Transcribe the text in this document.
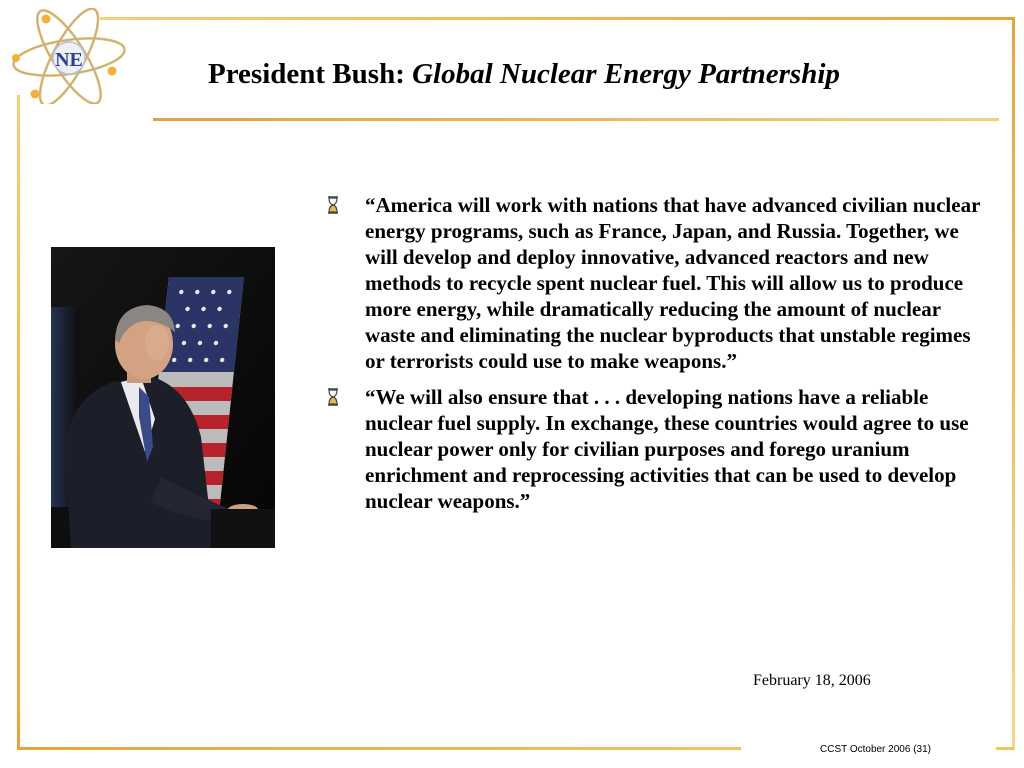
NE	President Bush: Global Nuclear Energy Partnership
“America will work with nations that have advanced civilian nuclear energy programs, such as France, Japan, and Russia. Together, we will develop and deploy innovative, advanced reactors and new methods to recycle spent nuclear fuel. This will allow us to produce more energy, while dramatically reducing the amount of nuclear waste and eliminating the nuclear byproducts that unstable regimes or terrorists could use to make weapons.”
“We will also ensure that . . . developing nations have a reliable nuclear fuel supply. In exchange, these countries would agree to use nuclear power only for civilian purposes and forego uranium enrichment and reprocessing activities that can be used to develop nuclear weapons.”
February 18, 2006
CCST October 2006 (31)
